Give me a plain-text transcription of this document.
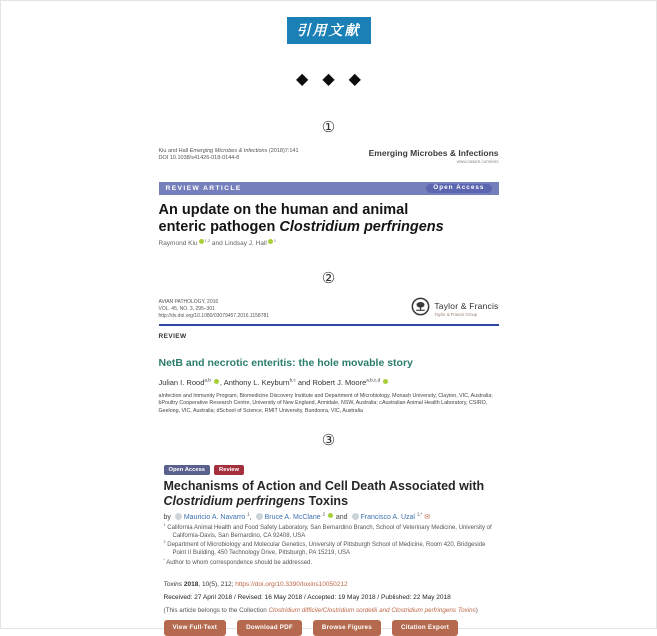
引用文献
◆ ◆ ◆
①
Kiu and Hall Emerging Microbes & Infections (2018)7:141
DOI 10.1038/s41426-018-0144-8
Emerging Microbes & Infections
www.nature.com/emi
REVIEW ARTICLE	Open Access
An update on the human and animal
enteric pathogen Clostridium perfringens
Raymond Kiu $^{1,2}$ and Lindsay J. Hall $^1$
②
AVIAN PATHOLOGY, 2016
VOL. 45, NO. 3, 295–301
http://dx.doi.org/10.1080/03079457.2016.1158781
Taylor & Francis
Taylor & Francis Group
REVIEW
NetB and necrotic enteritis: the hole movable story
Julian I. Rood$^{a,b}$ , Anthony L. Keyburn$^{b,c}$ and Robert J. Moore$^{a,b,c,d}$
aInfection and Immunity Program, Biomedicine Discovery Institute and Department of Microbiology, Monash University, Clayton, VIC, Australia; bPoultry Cooperative Research Centre, University of New England, Armidale, NSW, Australia; cAustralian Animal Health Laboratory, CSIRO, Geelong, VIC, Australia; dSchool of Science, RMIT University, Bundoora, VIC, Australia
③
Open Access	Review
Mechanisms of Action and Cell Death Associated with
Clostridium perfringens Toxins
by Mauricio A. Navarro $^1$, Bruce A. McClane $^2$  and Francisco A. Uzal $^{1,*}$ ✉
$^1$ California Animal Health and Food Safety Laboratory, San Bernardino Branch, School of Veterinary Medicine, University of California-Davis, San Bernardino, CA 92408, USA
$^2$ Department of Microbiology and Molecular Genetics, University of Pittsburgh School of Medicine, Room 420, Bridgeside Point II Building, 450 Technology Drive, Pittsburgh, PA 15219, USA
* Author to whom correspondence should be addressed.
Toxins 2018, 10(5), 212; https://doi.org/10.3390/toxins10050212
Received: 27 April 2018 / Revised: 16 May 2018 / Accepted: 19 May 2018 / Published: 22 May 2018
(This article belongs to the Collection Clostridium difficile/Clostridium sordellii and Clostridium perfringens Toxins)
View Full-Text	Download PDF	Browse Figures	Citation Export
